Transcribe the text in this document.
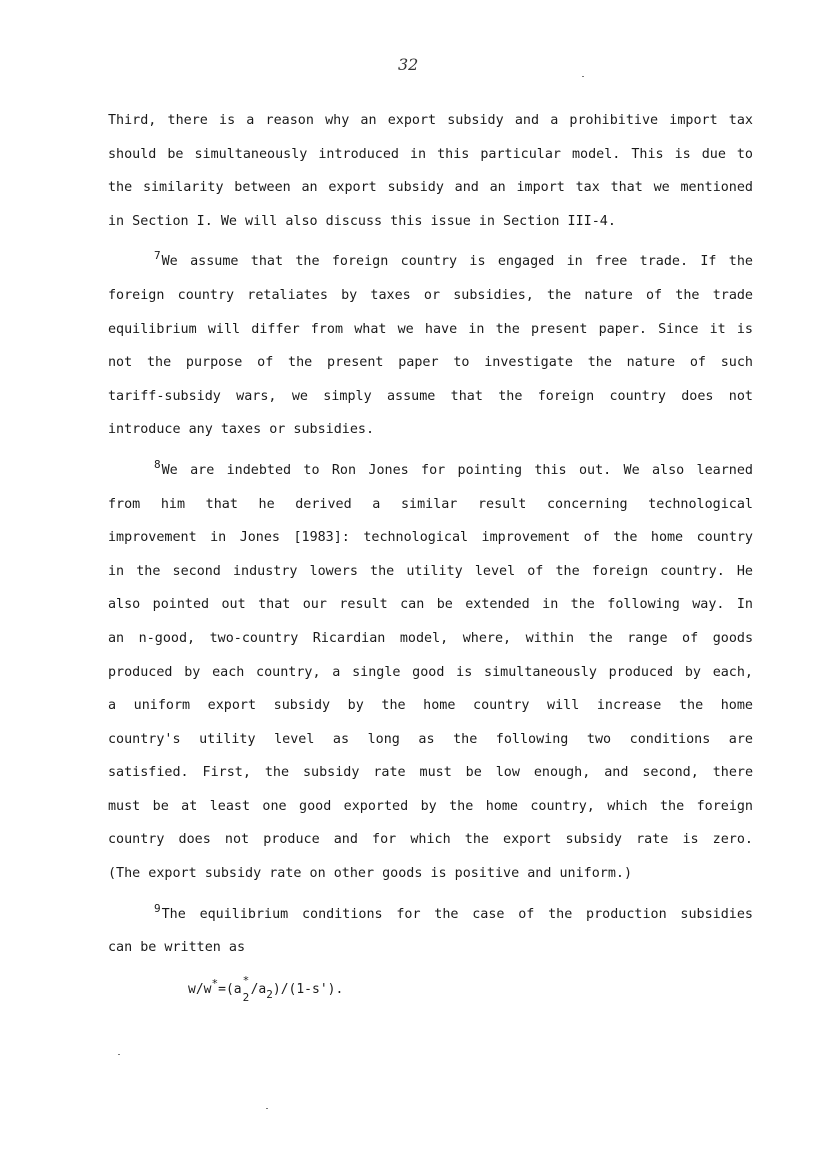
32
Third, there is a reason why an export subsidy and a prohibitive import tax
should be simultaneously introduced in this particular model. This is due to
the similarity between an export subsidy and an import tax that we mentioned
in Section I. We will also discuss this issue in Section III-4.
$^7$We assume that the foreign country is engaged in free trade. If the
foreign country retaliates by taxes or subsidies, the nature of the trade
equilibrium will differ from what we have in the present paper. Since it is
not the purpose of the present paper to investigate the nature of such
tariff-subsidy wars, we simply assume that the foreign country does not
introduce any taxes or subsidies.
$^8$We are indebted to Ron Jones for pointing this out. We also learned
from him that he derived a similar result concerning technological
improvement in Jones [1983]: technological improvement of the home country
in the second industry lowers the utility level of the foreign country. He
also pointed out that our result can be extended in the following way. In
an n-good, two-country Ricardian model, where, within the range of goods
produced by each country, a single good is simultaneously produced by each,
a uniform export subsidy by the home country will increase the home
country's utility level as long as the following two conditions are
satisfied. First, the subsidy rate must be low enough, and second, there
must be at least one good exported by the home country, which the foreign
country does not produce and for which the export subsidy rate is zero.
(The export subsidy rate on other goods is positive and uniform.)
$^9$The equilibrium conditions for the case of the production subsidies
can be written as
w/w*=(a
*
2
$/a_2)/(1-s')$.
